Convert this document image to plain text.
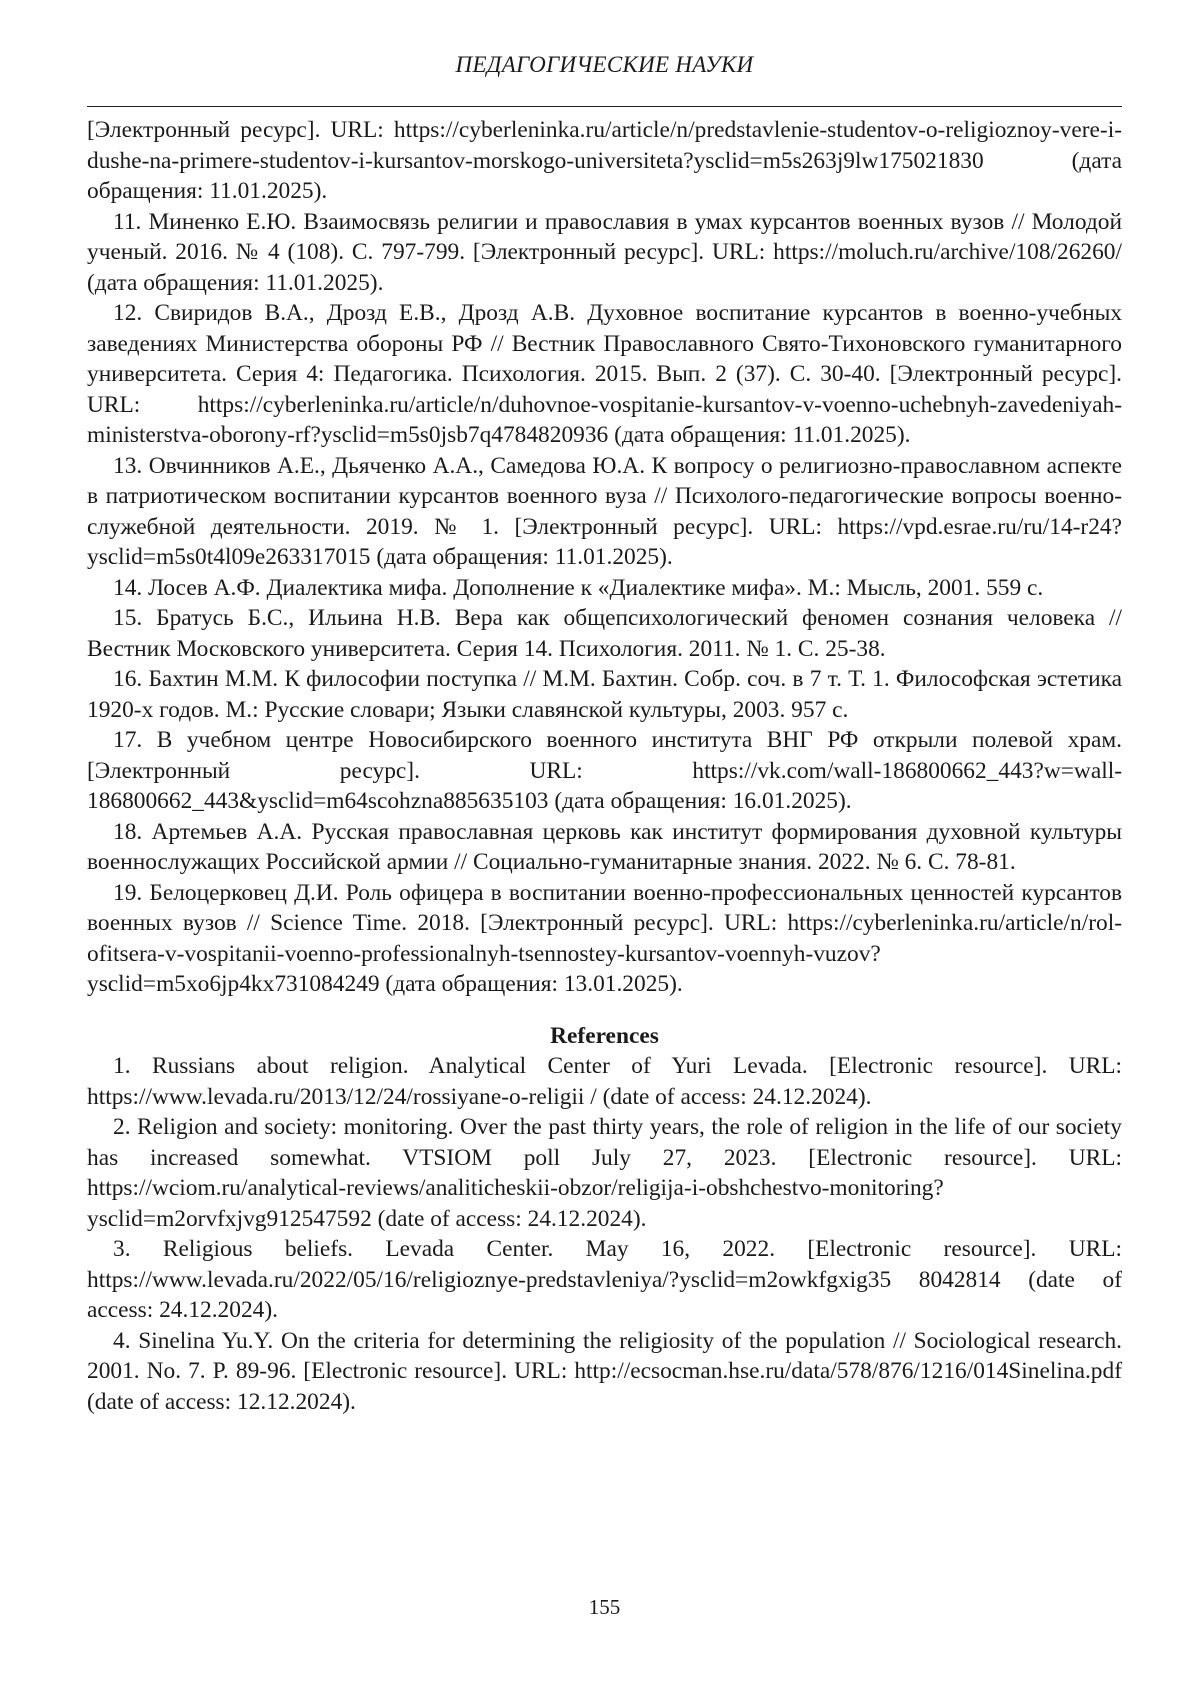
ПЕДАГОГИЧЕСКИЕ НАУКИ

[Электронный ресурс]. URL: https://cyberleninka.ru/article/n/predstavlenie-studentov-o-religioznoy-vere-i-dushe-na-primere-studentov-i-kursantov-morskogo-universiteta?ysclid=m5s263j9lw175021830 (дата обращения: 11.01.2025).

11. Миненко Е.Ю. Взаимосвязь религии и православия в умах курсантов военных вузов // Молодой ученый. 2016. № 4 (108). С. 797-799. [Электронный ресурс]. URL: https://moluch.ru/archive/108/26260/ (дата обращения: 11.01.2025).

12. Свиридов В.А., Дрозд Е.В., Дрозд А.В. Духовное воспитание курсантов в военно-учебных заведениях Министерства обороны РФ // Вестник Православного Свято-Тихоновского гуманитарного университета. Серия 4: Педагогика. Психология. 2015. Вып. 2 (37). С. 30-40. [Электронный ресурс]. URL: https://cyberleninka.ru/article/n/duhovnoe-vospitanie-kursantov-v-voenno-uchebnyh-zavedeniyah-ministerstva-oborony-rf?ysclid=m5s0jsb7q4784820936 (дата обращения: 11.01.2025).

13. Овчинников А.Е., Дьяченко А.А., Самедова Ю.А. К вопросу о религиозно-православном аспекте в патриотическом воспитании курсантов военного вуза // Психолого-педагогические вопросы военно-служебной деятельности. 2019. № 1. [Электронный ресурс]. URL: https://vpd.esrae.ru/ru/14-r24?ysclid=m5s0t4l09e263317015 (дата обращения: 11.01.2025).

14. Лосев А.Ф. Диалектика мифа. Дополнение к «Диалектике мифа». М.: Мысль, 2001. 559 с.

15. Братусь Б.С., Ильина Н.В. Вера как общепсихологический феномен сознания человека // Вестник Московского университета. Серия 14. Психология. 2011. № 1. С. 25-38.

16. Бахтин М.М. К философии поступка // М.М. Бахтин. Собр. соч. в 7 т. Т. 1. Философская эстетика 1920-х годов. М.: Русские словари; Языки славянской культуры, 2003. 957 с.

17. В учебном центре Новосибирского военного института ВНГ РФ открыли полевой храм. [Электронный ресурс]. URL: https://vk.com/wall-186800662_443?w=wall-186800662_443&ysclid=m64scohzna885635103 (дата обращения: 16.01.2025).

18. Артемьев А.А. Русская православная церковь как институт формирования духовной культуры военнослужащих Российской армии // Социально-гуманитарные знания. 2022. № 6. С. 78-81.

19. Белоцерковец Д.И. Роль офицера в воспитании военно-профессиональных ценностей курсантов военных вузов // Science Time. 2018. [Электронный ресурс]. URL: https://cyberleninka.ru/article/n/rol-ofitsera-v-vospitanii-voenno-professionalnyh-tsennostey-kursantov-voennyh-vuzov?ysclid=m5xo6jp4kx731084249 (дата обращения: 13.01.2025).

References

1. Russians about religion. Analytical Center of Yuri Levada. [Electronic resource]. URL: https://www.levada.ru/2013/12/24/rossiyane-o-religii / (date of access: 24.12.2024).

2. Religion and society: monitoring. Over the past thirty years, the role of religion in the life of our society has increased somewhat. VTSIOM poll July 27, 2023. [Electronic resource]. URL: https://wciom.ru/analytical-reviews/analiticheskii-obzor/religija-i-obshchestvo-monitoring?ysclid=m2orvfxjvg912547592 (date of access: 24.12.2024).

3. Religious beliefs. Levada Center. May 16, 2022. [Electronic resource]. URL: https://www.levada.ru/2022/05/16/religioznye-predstavleniya/?ysclid=m2owkfgxig35 8042814 (date of access: 24.12.2024).

4. Sinelina Yu.Y. On the criteria for determining the religiosity of the population // Sociological research. 2001. No. 7. P. 89-96. [Electronic resource]. URL: http://ecsocman.hse.ru/data/578/876/1216/014Sinelina.pdf (date of access: 12.12.2024).

155
